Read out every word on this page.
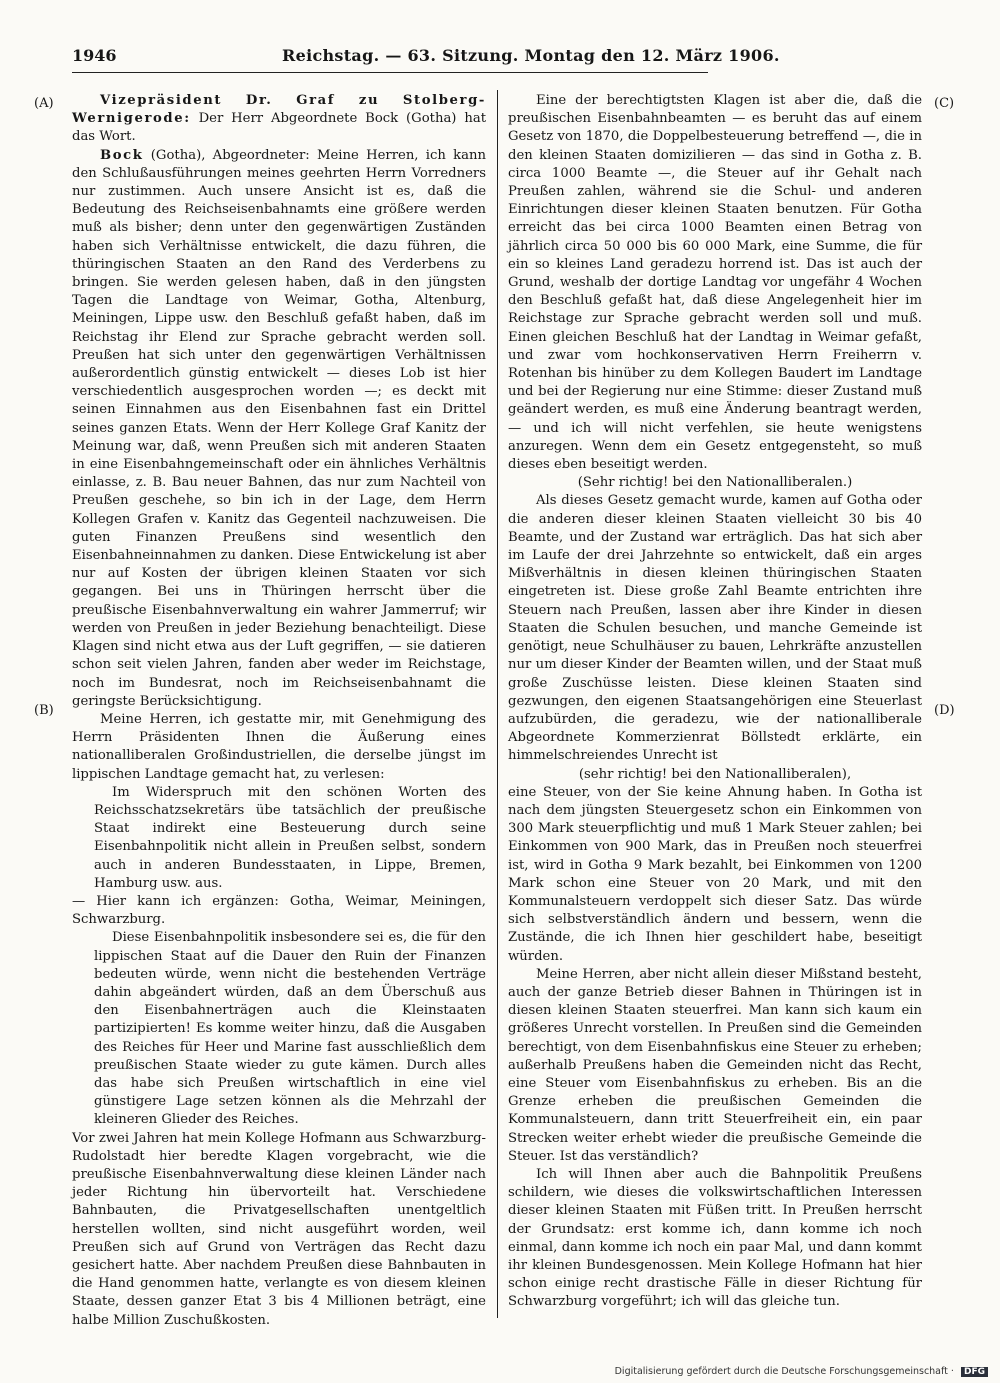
1946	Reichstag. — 63. Sitzung. Montag den 12. März 1906.
(A)
(B)
(C)
(D)

Vizepräsident Dr. Graf zu Stolberg-Wernigerode: Der Herr Abgeordnete Bock (Gotha) hat das Wort.

Bock (Gotha), Abgeordneter: Meine Herren, ich kann den Schlußausführungen meines geehrten Herrn Vorredners nur zustimmen. Auch unsere Ansicht ist es, daß die Bedeutung des Reichseisenbahnamts eine größere werden muß als bisher; denn unter den gegenwärtigen Zuständen haben sich Verhältnisse entwickelt, die dazu führen, die thüringischen Staaten an den Rand des Verderbens zu bringen. Sie werden gelesen haben, daß in den jüngsten Tagen die Landtage von Weimar, Gotha, Altenburg, Meiningen, Lippe usw. den Beschluß gefaßt haben, daß im Reichstag ihr Elend zur Sprache gebracht werden soll. Preußen hat sich unter den gegenwärtigen Verhältnissen außerordentlich günstig entwickelt — dieses Lob ist hier verschiedentlich ausgesprochen worden —; es deckt mit seinen Einnahmen aus den Eisenbahnen fast ein Drittel seines ganzen Etats. Wenn der Herr Kollege Graf Kanitz der Meinung war, daß, wenn Preußen sich mit anderen Staaten in eine Eisenbahngemeinschaft oder ein ähnliches Verhältnis einlasse, z. B. Bau neuer Bahnen, das nur zum Nachteil von Preußen geschehe, so bin ich in der Lage, dem Herrn Kollegen Grafen v. Kanitz das Gegenteil nachzuweisen. Die guten Finanzen Preußens sind wesentlich den Eisenbahneinnahmen zu danken. Diese Entwickelung ist aber nur auf Kosten der übrigen kleinen Staaten vor sich gegangen. Bei uns in Thüringen herrscht über die preußische Eisenbahnverwaltung ein wahrer Jammerruf; wir werden von Preußen in jeder Beziehung benachteiligt. Diese Klagen sind nicht etwa aus der Luft gegriffen, — sie datieren schon seit vielen Jahren, fanden aber weder im Reichstage, noch im Bundesrat, noch im Reichseisenbahnamt die geringste Berücksichtigung.

Meine Herren, ich gestatte mir, mit Genehmigung des Herrn Präsidenten Ihnen die Äußerung eines nationalliberalen Großindustriellen, die derselbe jüngst im lippischen Landtage gemacht hat, zu verlesen:

Im Widerspruch mit den schönen Worten des Reichsschatzsekretärs übe tatsächlich der preußische Staat indirekt eine Besteuerung durch seine Eisenbahnpolitik nicht allein in Preußen selbst, sondern auch in anderen Bundesstaaten, in Lippe, Bremen, Hamburg usw. aus.

— Hier kann ich ergänzen: Gotha, Weimar, Meiningen, Schwarzburg.

Diese Eisenbahnpolitik insbesondere sei es, die für den lippischen Staat auf die Dauer den Ruin der Finanzen bedeuten würde, wenn nicht die bestehenden Verträge dahin abgeändert würden, daß an dem Überschuß aus den Eisenbahnerträgen auch die Kleinstaaten partizipierten! Es komme weiter hinzu, daß die Ausgaben des Reiches für Heer und Marine fast ausschließlich dem preußischen Staate wieder zu gute kämen. Durch alles das habe sich Preußen wirtschaftlich in eine viel günstigere Lage setzen können als die Mehrzahl der kleineren Glieder des Reiches.

Vor zwei Jahren hat mein Kollege Hofmann aus Schwarzburg-Rudolstadt hier beredte Klagen vorgebracht, wie die preußische Eisenbahnverwaltung diese kleinen Länder nach jeder Richtung hin übervorteilt hat. Verschiedene Bahnbauten, die Privatgesellschaften unentgeltlich herstellen wollten, sind nicht ausgeführt worden, weil Preußen sich auf Grund von Verträgen das Recht dazu gesichert hatte. Aber nachdem Preußen diese Bahnbauten in die Hand genommen hatte, verlangte es von diesem kleinen Staate, dessen ganzer Etat 3 bis 4 Millionen beträgt, eine halbe Million Zuschußkosten.

Eine der berechtigtsten Klagen ist aber die, daß die preußischen Eisenbahnbeamten — es beruht das auf einem Gesetz von 1870, die Doppelbesteuerung betreffend —, die in den kleinen Staaten domizilieren — das sind in Gotha z. B. circa 1000 Beamte —, die Steuer auf ihr Gehalt nach Preußen zahlen, während sie die Schul- und anderen Einrichtungen dieser kleinen Staaten benutzen. Für Gotha erreicht das bei circa 1000 Beamten einen Betrag von jährlich circa 50 000 bis 60 000 Mark, eine Summe, die für ein so kleines Land geradezu horrend ist. Das ist auch der Grund, weshalb der dortige Landtag vor ungefähr 4 Wochen den Beschluß gefaßt hat, daß diese Angelegenheit hier im Reichstage zur Sprache gebracht werden soll und muß. Einen gleichen Beschluß hat der Landtag in Weimar gefaßt, und zwar vom hochkonservativen Herrn Freiherrn v. Rotenhan bis hinüber zu dem Kollegen Baudert im Landtage und bei der Regierung nur eine Stimme: dieser Zustand muß geändert werden, es muß eine Änderung beantragt werden, — und ich will nicht verfehlen, sie heute wenigstens anzuregen. Wenn dem ein Gesetz entgegensteht, so muß dieses eben beseitigt werden.

(Sehr richtig! bei den Nationalliberalen.)

Als dieses Gesetz gemacht wurde, kamen auf Gotha oder die anderen dieser kleinen Staaten vielleicht 30 bis 40 Beamte, und der Zustand war erträglich. Das hat sich aber im Laufe der drei Jahrzehnte so entwickelt, daß ein arges Mißverhältnis in diesen kleinen thüringischen Staaten eingetreten ist. Diese große Zahl Beamte entrichten ihre Steuern nach Preußen, lassen aber ihre Kinder in diesen Staaten die Schulen besuchen, und manche Gemeinde ist genötigt, neue Schulhäuser zu bauen, Lehrkräfte anzustellen nur um dieser Kinder der Beamten willen, und der Staat muß große Zuschüsse leisten. Diese kleinen Staaten sind gezwungen, den eigenen Staatsangehörigen eine Steuerlast aufzubürden, die geradezu, wie der nationalliberale Abgeordnete Kommerzienrat Böllstedt erklärte, ein himmelschreiendes Unrecht ist

(sehr richtig! bei den Nationalliberalen),

eine Steuer, von der Sie keine Ahnung haben. In Gotha ist nach dem jüngsten Steuergesetz schon ein Einkommen von 300 Mark steuerpflichtig und muß 1 Mark Steuer zahlen; bei Einkommen von 900 Mark, das in Preußen noch steuerfrei ist, wird in Gotha 9 Mark bezahlt, bei Einkommen von 1200 Mark schon eine Steuer von 20 Mark, und mit den Kommunalsteuern verdoppelt sich dieser Satz. Das würde sich selbstverständlich ändern und bessern, wenn die Zustände, die ich Ihnen hier geschildert habe, beseitigt würden.

Meine Herren, aber nicht allein dieser Mißstand besteht, auch der ganze Betrieb dieser Bahnen in Thüringen ist in diesen kleinen Staaten steuerfrei. Man kann sich kaum ein größeres Unrecht vorstellen. In Preußen sind die Gemeinden berechtigt, von dem Eisenbahnfiskus eine Steuer zu erheben; außerhalb Preußens haben die Gemeinden nicht das Recht, eine Steuer vom Eisenbahnfiskus zu erheben. Bis an die Grenze erheben die preußischen Gemeinden die Kommunalsteuern, dann tritt Steuerfreiheit ein, ein paar Strecken weiter erhebt wieder die preußische Gemeinde die Steuer. Ist das verständlich?

Ich will Ihnen aber auch die Bahnpolitik Preußens schildern, wie dieses die volkswirtschaftlichen Interessen dieser kleinen Staaten mit Füßen tritt. In Preußen herrscht der Grundsatz: erst komme ich, dann komme ich noch einmal, dann komme ich noch ein paar Mal, und dann kommt ihr kleinen Bundesgenossen. Mein Kollege Hofmann hat hier schon einige recht drastische Fälle in dieser Richtung für Schwarzburg vorgeführt; ich will das gleiche tun.

Digitalisierung gefördert durch die Deutsche Forschungsgemeinschaft · DFG
